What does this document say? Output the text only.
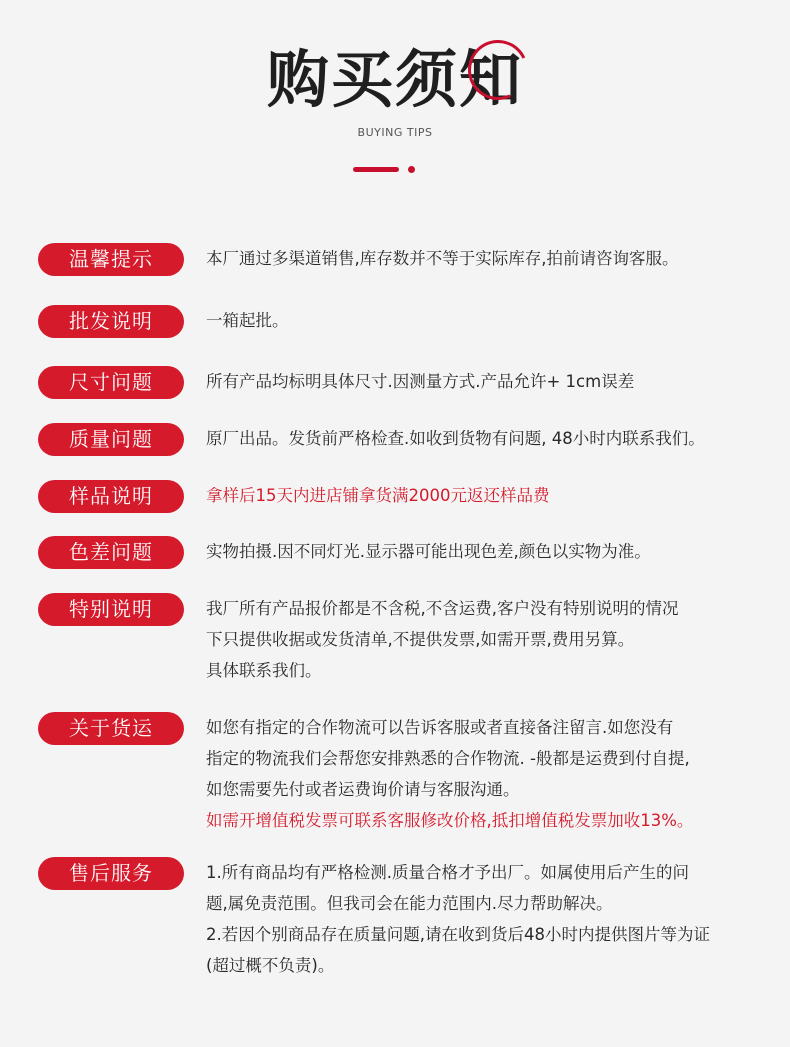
购买须知
BUYING TIPS
温馨提示	本厂通过多渠道销售,库存数并不等于实际库存,拍前请咨询客服。
批发说明	一箱起批。
尺寸问题	所有产品均标明具体尺寸.因测量方式.产品允许+ 1cm误差
质量问题	原厂出品。发货前严格检查.如收到货物有问题, 48小时内联系我们。
样品说明	拿样后15天内进店铺拿货满2000元返还样品费
色差问题	实物拍摄.因不同灯光.显示器可能出现色差,颜色以实物为准。
特别说明	我厂所有产品报价都是不含税,不含运费,客户没有特别说明的情况
下只提供收据或发货清单,不提供发票,如需开票,费用另算。
具体联系我们。
关于货运	如您有指定的合作物流可以告诉客服或者直接备注留言.如您没有
指定的物流我们会帮您安排熟悉的合作物流. -般都是运费到付自提,
如您需要先付或者运费询价请与客服沟通。
如需开增值税发票可联系客服修改价格,抵扣增值税发票加收13%。
售后服务	1.所有商品均有严格检测.质量合格才予出厂。如属使用后产生的问
题,属免责范围。但我司会在能力范围内.尽力帮助解决。
2.若因个别商品存在质量问题,请在收到货后48小时内提供图片等为证
(超过概不负责)。
